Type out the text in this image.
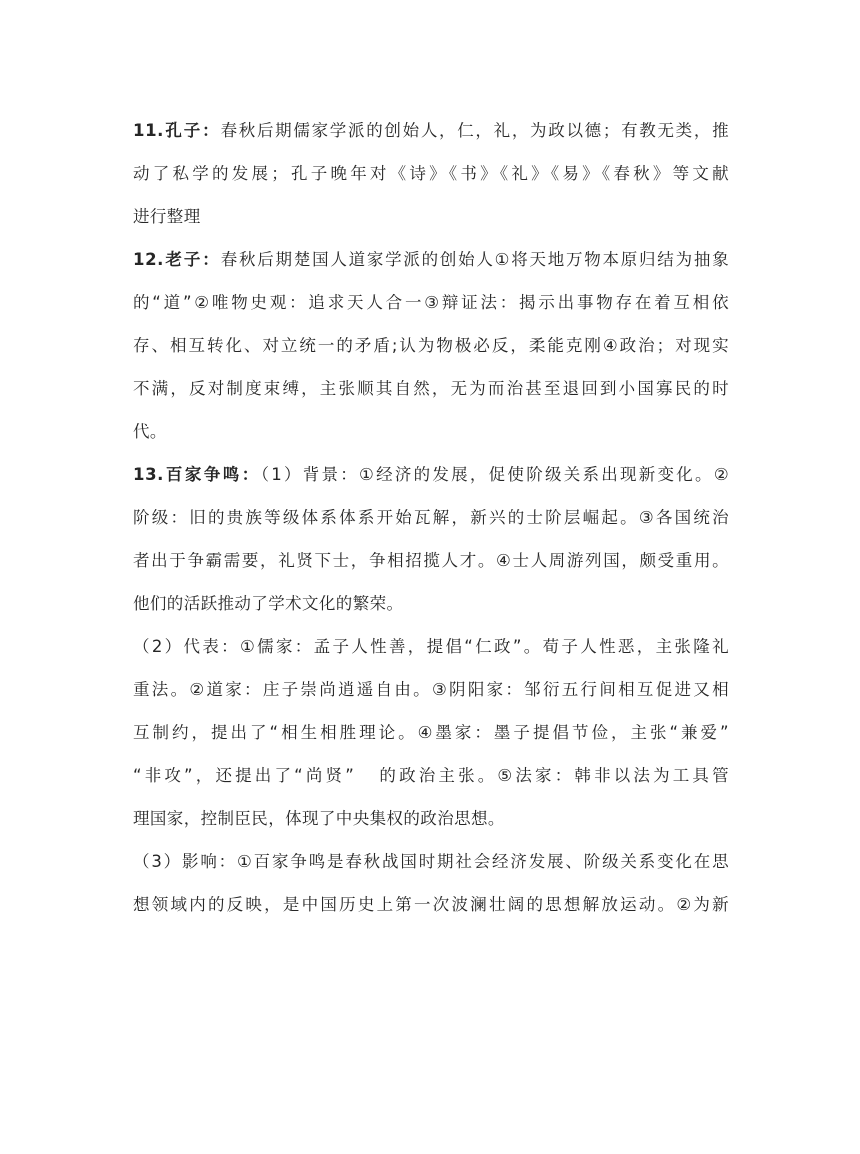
11.孔子：春秋后期儒家学派的创始人，仁，礼，为政以德；有教无类，推
动了私学的发展；孔子晚年对《诗》《书》《礼》《易》《春秋》等文献
进行整理
12.老子：春秋后期楚国人道家学派的创始人①将天地万物本原归结为抽象
的“道”②唯物史观：追求天人合一③辩证法：揭示出事物存在着互相依
存、相互转化、对立统一的矛盾;认为物极必反，柔能克刚④政治；对现实
不满，反对制度束缚，主张顺其自然，无为而治甚至退回到小国寡民的时
代。
13.百家争鸣：（1）背景：①经济的发展，促使阶级关系出现新变化。②
阶级：旧的贵族等级体系体系开始瓦解，新兴的士阶层崛起。③各国统治
者出于争霸需要，礼贤下士，争相招揽人才。④士人周游列国，颇受重用。
他们的活跃推动了学术文化的繁荣。
（2）代表：①儒家：孟子人性善，提倡“仁政”。荀子人性恶，主张隆礼
重法。②道家：庄子崇尚逍遥自由。③阴阳家：邹衍五行间相互促进又相
互制约，提出了“相生相胜理论。④墨家：墨子提倡节俭，主张“兼爱”
“非攻”，还提出了“尚贤”   的政治主张。⑤法家：韩非以法为工具管
理国家，控制臣民，体现了中央集权的政治思想。
（3）影响：①百家争鸣是春秋战国时期社会经济发展、阶级关系变化在思
想领域内的反映，是中国历史上第一次波澜壮阔的思想解放运动。②为新
